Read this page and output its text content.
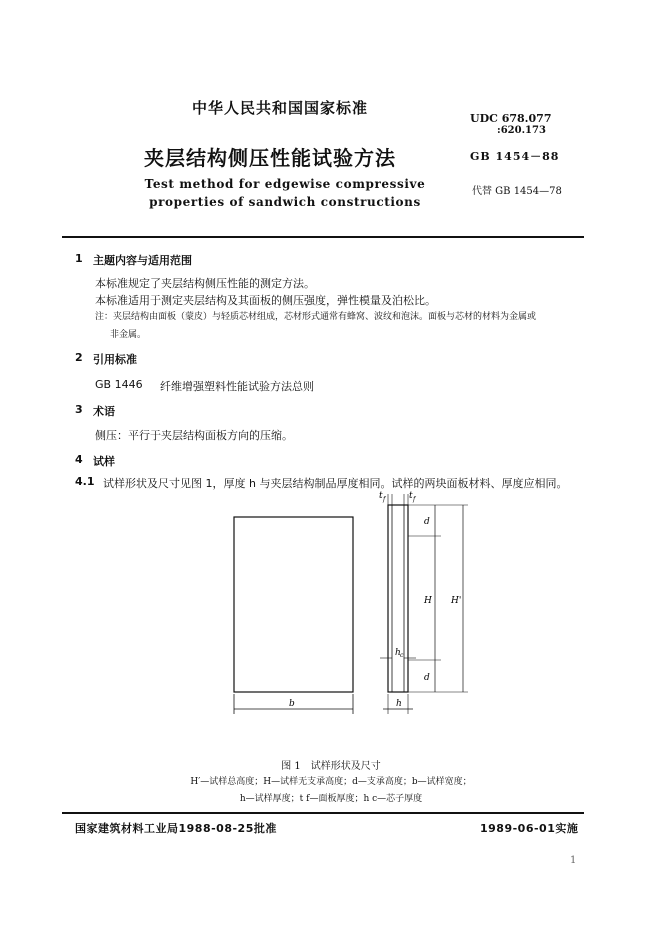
中华人民共和国国家标准
UDC 678.077
:620.173
夹层结构侧压性能试验方法	GB 1454－88
Test method for edgewise compressive
properties of sandwich constructions
代替 GB 1454—78
1 主题内容与适用范围
本标准规定了夹层结构侧压性能的测定方法。
本标准适用于测定夹层结构及其面板的侧压强度，弹性模量及泊松比。
注：夹层结构由面板（蒙皮）与轻质芯材组成，芯材形式通常有蜂窝、波纹和泡沫。面板与芯材的材料为金属或
非金属。
2 引用标准
GB 1446 纤维增强塑料性能试验方法总则
3 术语
侧压：平行于夹层结构面板方向的压缩。
4 试样
4.1 试样形状及尺寸见图 1，厚度 h 与夹层结构制品厚度相同。试样的两块面板材料、厚度应相同。
b
t f	t f
d
H H'
d
h c
h
图 1　试样形状及尺寸
H′—试样总高度；H—试样无支承高度；d—支承高度；b—试样宽度；
h—试样厚度；t f—面板厚度；h c—芯子厚度
国家建筑材料工业局1988-08-25批准	1989-06-01实施
1
